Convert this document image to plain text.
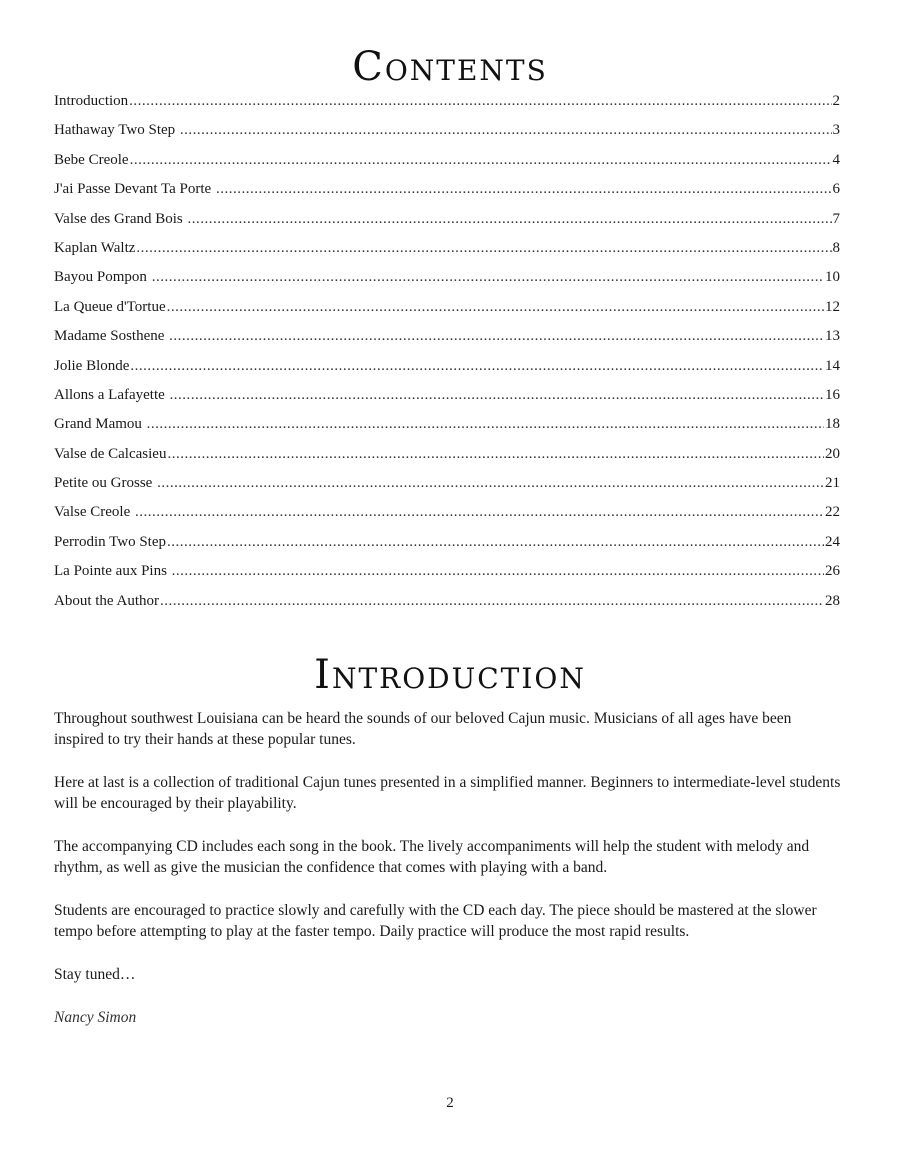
Contents
Introduction .....	2
Hathaway Two Step .....	3
Bebe Creole .....	4
J'ai Passe Devant Ta Porte .....	6
Valse des Grand Bois .....	7
Kaplan Waltz .....	8
Bayou Pompon .....	10
La Queue d'Tortue .....	12
Madame Sosthene .....	13
Jolie Blonde .....	14
Allons a Lafayette .....	16
Grand Mamou .....	18
Valse de Calcasieu .....	20
Petite ou Grosse .....	21
Valse Creole .....	22
Perrodin Two Step .....	24
La Pointe aux Pins .....	26
About the Author .....	28
Introduction

Throughout southwest Louisiana can be heard the sounds of our beloved Cajun music. Musicians of all ages have been inspired to try their hands at these popular tunes.

Here at last is a collection of traditional Cajun tunes presented in a simplified manner. Beginners to intermediate-level students will be encouraged by their playability.

The accompanying CD includes each song in the book. The lively accompaniments will help the student with melody and rhythm, as well as give the musician the confidence that comes with playing with a band.

Students are encouraged to practice slowly and carefully with the CD each day. The piece should be mastered at the slower tempo before attempting to play at the faster tempo. Daily practice will produce the most rapid results.

Stay tuned…

Nancy Simon

2
